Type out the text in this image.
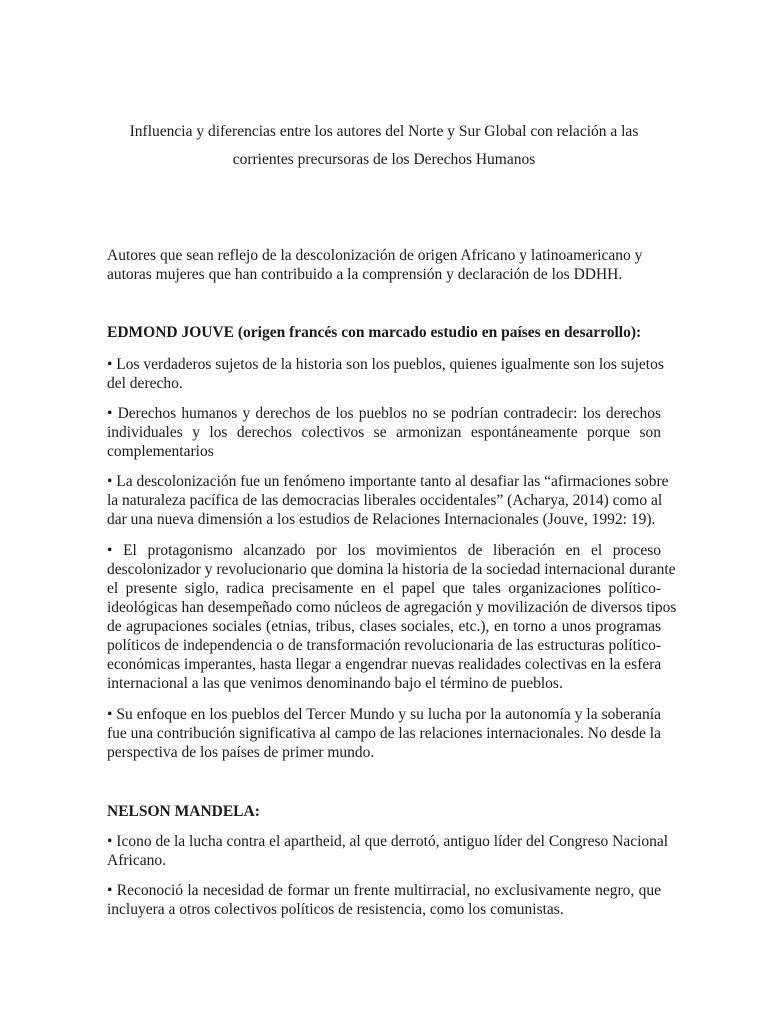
Influencia y diferencias entre los autores del Norte y Sur Global con relación a las
corrientes precursoras de los Derechos Humanos
Autores que sean reflejo de la descolonización de origen Africano y latinoamericano y
autoras mujeres que han contribuido a la comprensión y declaración de los DDHH.
EDMOND JOUVE (origen francés con marcado estudio en países en desarrollo):
• Los verdaderos sujetos de la historia son los pueblos, quienes igualmente son los sujetos
del derecho.
• Derechos humanos y derechos de los pueblos no se podrían contradecir: los derechos
individuales y los derechos colectivos se armonizan espontáneamente porque son
complementarios
• La descolonización fue un fenómeno importante tanto al desafiar las “afirmaciones sobre
la naturaleza pacífica de las democracias liberales occidentales” (Acharya, 2014) como al
dar una nueva dimensión a los estudios de Relaciones Internacionales (Jouve, 1992: 19).
• El protagonismo alcanzado por los movimientos de liberación en el proceso
descolonizador y revolucionario que domina la historia de la sociedad internacional durante
el presente siglo, radica precisamente en el papel que tales organizaciones político-
ideológicas han desempeñado como núcleos de agregación y movilización de diversos tipos
de agrupaciones sociales (etnias, tribus, clases sociales, etc.), en torno a unos programas
políticos de independencia o de transformación revolucionaria de las estructuras político-
económicas imperantes, hasta llegar a engendrar nuevas realidades colectivas en la esfera
internacional a las que venimos denominando bajo el término de pueblos.
• Su enfoque en los pueblos del Tercer Mundo y su lucha por la autonomía y la soberanía
fue una contribución significativa al campo de las relaciones internacionales. No desde la
perspectiva de los países de primer mundo.
NELSON MANDELA:
• Icono de la lucha contra el apartheid, al que derrotó, antiguo líder del Congreso Nacional
Africano.
• Reconoció la necesidad de formar un frente multirracial, no exclusivamente negro, que
incluyera a otros colectivos políticos de resistencia, como los comunistas.
